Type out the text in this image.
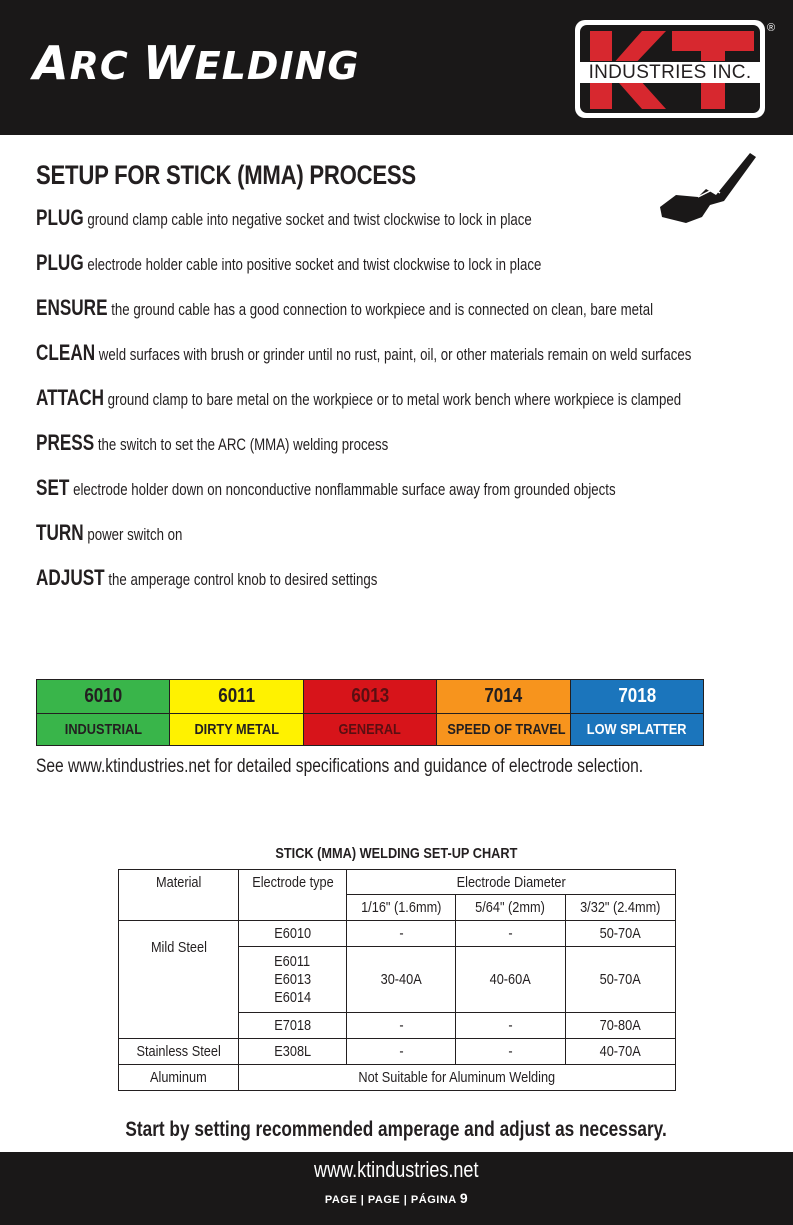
ARC WELDING	INDUSTRIES INC.
®
SETUP FOR STICK (MMA) PROCESS
PLUG ground clamp cable into negative socket and twist clockwise to lock in place
PLUG electrode holder cable into positive socket and twist clockwise to lock in place
ENSURE the ground cable has a good connection to workpiece and is connected on clean, bare metal
CLEAN weld surfaces with brush or grinder until no rust, paint, oil, or other materials remain on weld surfaces
ATTACH ground clamp to bare metal on the workpiece or to metal work bench where workpiece is clamped
PRESS the switch to set the ARC (MMA) welding process
SET electrode holder down on nonconductive nonflammable surface away from grounded objects
TURN power switch on
ADJUST the amperage control knob to desired settings
6010	6011	6013	7014	7018
INDUSTRIAL	DIRTY METAL	GENERAL	SPEED OF TRAVEL	LOW SPLATTER
See www.ktindustries.net for detailed specifications and guidance of electrode selection.
STICK (MMA) WELDING SET-UP CHART
Material	Electrode type	Electrode Diameter		
		1/16" (1.6mm)	5/64" (2mm)	3/32" (2.4mm)
Mild Steel	E6010	-	-	50-70A
	E6011
E6013
E6014	30-40A	40-60A	50-70A
	E7018	-	-	70-80A

Stainless Steel	E308L	-	-	40-70A
Aluminum	Not Suitable for Aluminum Welding			
Start by setting recommended amperage and adjust as necessary.
www.ktindustries.net
PAGE | PAGE | PÁGINA 9
